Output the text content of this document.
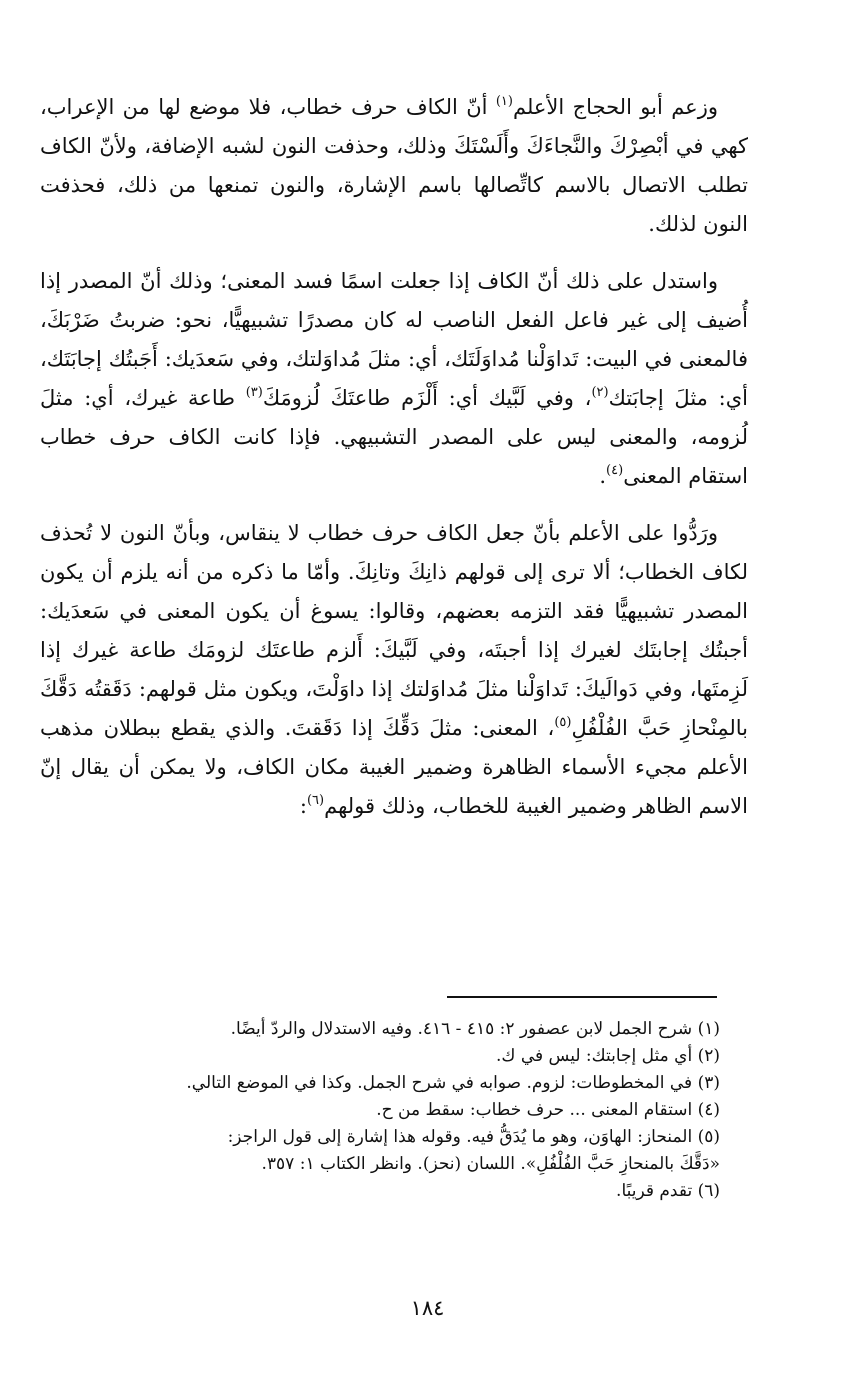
وزعم أبو الحجاج الأعلم$^{(١)}$ أنّ الكاف حرف خطاب، فلا موضع لها من الإعراب، كهي في أبْصِرْكَ والنَّجاءَكَ وأَلَسْتَكَ وذلك، وحذفت النون لشبه الإضافة، ولأنّ الكاف تطلب الاتصال بالاسم كاتِّصالها باسم الإشارة، والنون تمنعها من ذلك، فحذفت النون لذلك.

واستدل على ذلك أنّ الكاف إذا جعلت اسمًا فسد المعنى؛ وذلك أنّ المصدر إذا أُضيف إلى غير فاعل الفعل الناصب له كان مصدرًا تشبيهيًّا، نحو: ضربتُ ضَرْبَكَ، فالمعنى في البيت: تَداوَلْنا مُداوَلَتَك، أي: مثلَ مُداوَلتك، وفي سَعدَيك: أَجَبتُك إجابَتَك، أي: مثلَ إجابَتك$^{(٢)}$، وفي لَبَّيك أي: أَلْزَم طاعتَكَ لُزومَكَ$^{(٣)}$ طاعة غيرك، أي: مثلَ لُزومه، والمعنى ليس على المصدر التشبيهي. فإذا كانت الكاف حرف خطاب استقام المعنى$^{(٤)}$.

ورَدُّوا على الأعلم بأنّ جعل الكاف حرف خطاب لا ينقاس، وبأنّ النون لا تُحذف لكاف الخطاب؛ ألا ترى إلى قولهم ذانِكَ وتانِكَ. وأمّا ما ذكره من أنه يلزم أن يكون المصدر تشبيهيًّا فقد التزمه بعضهم، وقالوا: يسوغ أن يكون المعنى في سَعدَيك: أجبتُك إجابتَك لغيرك إذا أجبتَه، وفي لَبَّيكَ: أَلزم طاعتَك لزومَك طاعة غيرك إذا لَزِمتَها، وفي دَوالَيكَ: تَداوَلْنا مثلَ مُداوَلتك إذا داوَلْتَ، ويكون مثل قولهم: دَقَقتُه دَقَّكَ بالمِنْحازِ حَبَّ الفُلْفُلِ$^{(٥)}$، المعنى: مثلَ دَقِّكَ إذا دَقَقتَ. والذي يقطع ببطلان مذهب الأعلم مجيء الأسماء الظاهرة وضمير الغيبة مكان الكاف، ولا يمكن أن يقال إنّ الاسم الظاهر وضمير الغيبة للخطاب، وذلك قولهم$^{(٦)}$:

(١) شرح الجمل لابن عصفور ٢: ٤١٥ - ٤١٦. وفيه الاستدلال والردّ أيضًا.
(٢) أي مثل إجابتك: ليس في ك.
(٣) في المخطوطات: لزوم. صوابه في شرح الجمل. وكذا في الموضع التالي.
(٤) استقام المعنى ... حرف خطاب: سقط من ح.
(٥) المنحاز: الهاوَن، وهو ما يُدَقُّ فيه. وقوله هذا إشارة إلى قول الراجز:
«دَقَّكَ بالمنحازِ حَبَّ الفُلْفُلِ». اللسان (نحز). وانظر الكتاب ١: ٣٥٧.
(٦) تقدم قريبًا.
١٨٤
